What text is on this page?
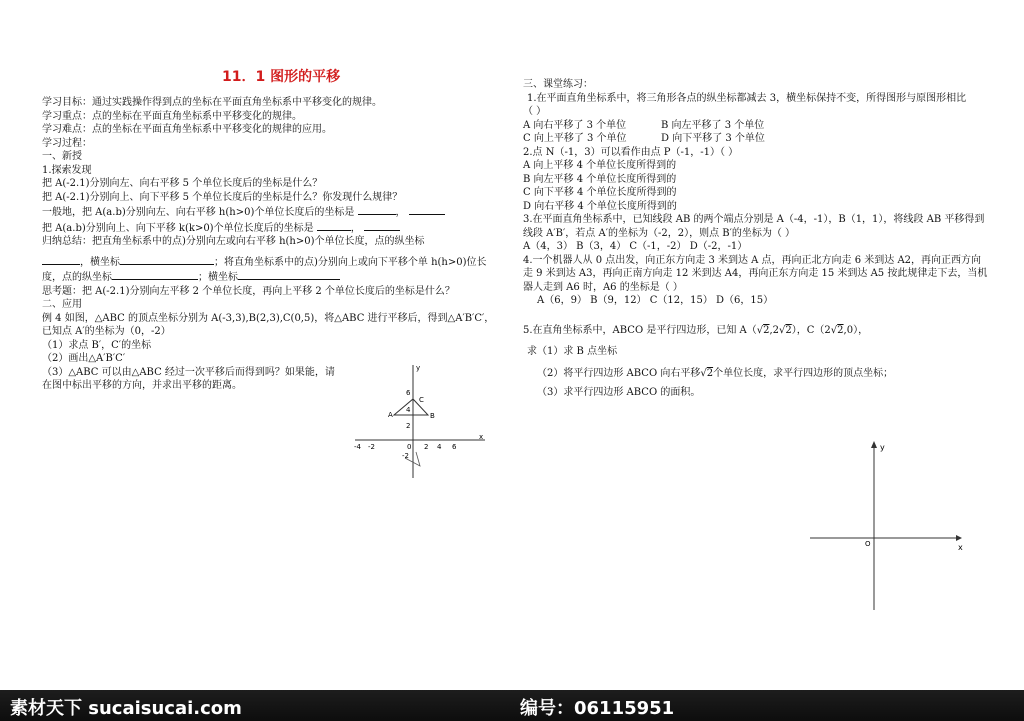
11．1 图形的平移
学习目标：通过实践操作得到点的坐标在平面直角坐标系中平移变化的规律。
学习重点：点的坐标在平面直角坐标系中平移变化的规律。
学习难点：点的坐标在平面直角坐标系中平移变化的规律的应用。
学习过程：
一、新授
1.探索发现
把 A(-2.1)分别向左、向右平移 5 个单位长度后的坐标是什么？
把 A(-2.1)分别向上、向下平移 5 个单位长度后的坐标是什么？你发现什么规律？
一般地，把 A(a.b)分别向左、向右平移 h(h>0)个单位长度后的坐标是	，
把 A(a.b)分别向上、向下平移 k(k>0)个单位长度后的坐标是	，
归纳总结：把直角坐标系中的点)分别向左或向右平移 h(h>0)个单位长度，点的纵坐标
，横坐标	；将直角坐标系中的点)分别向上或向下平移个单 h(h>0)位长
度，点的纵坐标	；横坐标
思考题：把 A(-2.1)分别向左平移 2 个单位长度，再向上平移 2 个单位长度后的坐标是什么？
二、应用
例 4 如图，△ABC 的顶点坐标分别为 A(-3,3),B(2,3),C(0,5)，将△ABC 进行平移后，得到△A′B′C′，
已知点 A′的坐标为（0，-2）
（1）求点 B′，C′的坐标
（2）画出△A′B′C′
（3）△ABC 可以由△ABC 经过一次平移后而得到吗？如果能，请
在图中标出平移的方向，并求出平移的距离。
x
y
-4 -2	0 2 4 6
6
4
2
-2
A	B
C
三、课堂练习：
1.在平面直角坐标系中，将三角形各点的纵坐标都减去 3，横坐标保持不变，所得图形与原图形相比
（ ）
A 向右平移了 3 个单位	B 向左平移了 3 个单位
C 向上平移了 3 个单位	D 向下平移了 3 个单位
2.点 N（-1，3）可以看作由点 P（-1，-1）（ ）
A 向上平移 4 个单位长度所得到的
B 向左平移 4 个单位长度所得到的
C 向下平移 4 个单位长度所得到的
D 向右平移 4 个单位长度所得到的
3.在平面直角坐标系中，已知线段 AB 的两个端点分别是 A（-4，-1），B（1，1），将线段 AB 平移得到
线段 A′B′，若点 A′的坐标为（-2，2），则点 B′的坐标为（ ）
A（4，3） B（3，4） C（-1，-2） D（-2，-1）
4.一个机器人从 0 点出发，向正东方向走 3 米到达 A 点，再向正北方向走 6 米到达 A2，再向正西方向
走 9 米到达 A3，再向正南方向走 12 米到达 A4，再向正东方向走 15 米到达 A5 按此规律走下去，当机
器人走到 A6 时，A6 的坐标是（ ）
A（6，9） B（9，12） C（12，15） D（6，15）
5.在直角坐标系中，ABCO 是平行四边形，已知 A（√2,2√2），C（2√2,0），
求（1）求 B 点坐标
（2）将平行四边形 ABCO 向右平移√2个单位长度，求平行四边形的顶点坐标；
（3）求平行四边形 ABCO 的面积。
y
x
O
素材天下 sucaisucai.com	编号：06115951
